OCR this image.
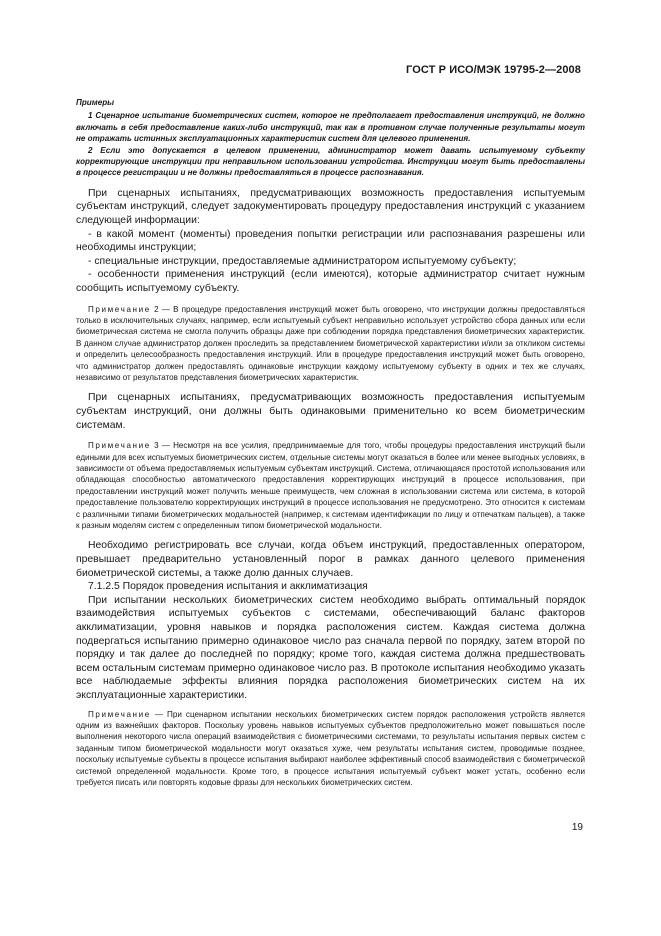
ГОСТ Р ИСО/МЭК 19795-2—2008

Примеры

1 Сценарное испытание биометрических систем, которое не предполагает предоставления инструкций, не должно включать в себя предоставление каких-либо инструкций, так как в противном случае полученные результаты могут не отражать истинных эксплуатационных характеристик систем для целевого применения.

2 Если это допускается в целевом применении, администратор может давать испытуемому субъекту корректирующие инструкции при неправильном использовании устройства. Инструкции могут быть предоставлены в процессе регистрации и не должны предоставляться в процессе распознавания.

При сценарных испытаниях, предусматривающих возможность предоставления испытуемым субъектам инструкций, следует задокументировать процедуру предоставления инструкций с указанием следующей информации:

- в какой момент (моменты) проведения попытки регистрации или распознавания разрешены или необходимы инструкции;

- специальные инструкции, предоставляемые администратором испытуемому субъекту;

- особенности применения инструкций (если имеются), которые администратор считает нужным сообщить испытуемому субъекту.

Примечание 2 — В процедуре предоставления инструкций может быть оговорено, что инструкции должны предоставляться только в исключительных случаях, например, если испытуемый субъект неправильно использует устройство сбора данных или если биометрическая система не смогла получить образцы даже при соблюдении порядка представления биометрических характеристик. В данном случае администратор должен проследить за представлением биометрической характеристики и/или за откликом системы и определить целесообразность предоставления инструкций. Или в процедуре предоставления инструкций может быть оговорено, что администратор должен предоставлять одинаковые инструкции каждому испытуемому субъекту в одних и тех же случаях, независимо от результатов представления биометрических характеристик.

При сценарных испытаниях, предусматривающих возможность предоставления испытуемым субъектам инструкций, они должны быть одинаковыми применительно ко всем биометрическим системам.

Примечание 3 — Несмотря на все усилия, предпринимаемые для того, чтобы процедуры предоставления инструкций были едиными для всех испытуемых биометрических систем, отдельные системы могут оказаться в более или менее выгодных условиях, в зависимости от объема предоставляемых испытуемым субъектам инструкций. Система, отличающаяся простотой использования или обладающая способностью автоматического предоставления корректирующих инструкций в процессе использования, при предоставлении инструкций может получить меньше преимуществ, чем сложная в использовании система или система, в которой предоставление пользователю корректирующих инструкций в процессе использования не предусмотрено. Это относится к системам с различными типами биометрических модальностей (например, к системам идентификации по лицу и отпечаткам пальцев), а также к разным моделям систем с определенным типом биометрической модальности.

Необходимо регистрировать все случаи, когда объем инструкций, предоставленных оператором, превышает предварительно установленный порог в рамках данного целевого применения биометрической системы, а также долю данных случаев.

7.1.2.5 Порядок проведения испытания и акклиматизация

При испытании нескольких биометрических систем необходимо выбрать оптимальный порядок взаимодействия испытуемых субъектов с системами, обеспечивающий баланс факторов акклиматизации, уровня навыков и порядка расположения систем. Каждая система должна подвергаться испытанию примерно одинаковое число раз сначала первой по порядку, затем второй по порядку и так далее до последней по порядку; кроме того, каждая система должна предшествовать всем остальным системам примерно одинаковое число раз. В протоколе испытания необходимо указать все наблюдаемые эффекты влияния порядка расположения биометрических систем на их эксплуатационные характеристики.

Примечание — При сценарном испытании нескольких биометрических систем порядок расположения устройств является одним из важнейших факторов. Поскольку уровень навыков испытуемых субъектов предположительно может повышаться после выполнения некоторого числа операций взаимодействия с биометрическими системами, то результаты испытания первых систем с заданным типом биометрической модальности могут оказаться хуже, чем результаты испытания систем, проводимые позднее, поскольку испытуемые субъекты в процессе испытания выбирают наиболее эффективный способ взаимодействия с биометрической системой определенной модальности. Кроме того, в процессе испытания испытуемый субъект может устать, особенно если требуется писать или повторять кодовые фразы для нескольких биометрических систем.

19
